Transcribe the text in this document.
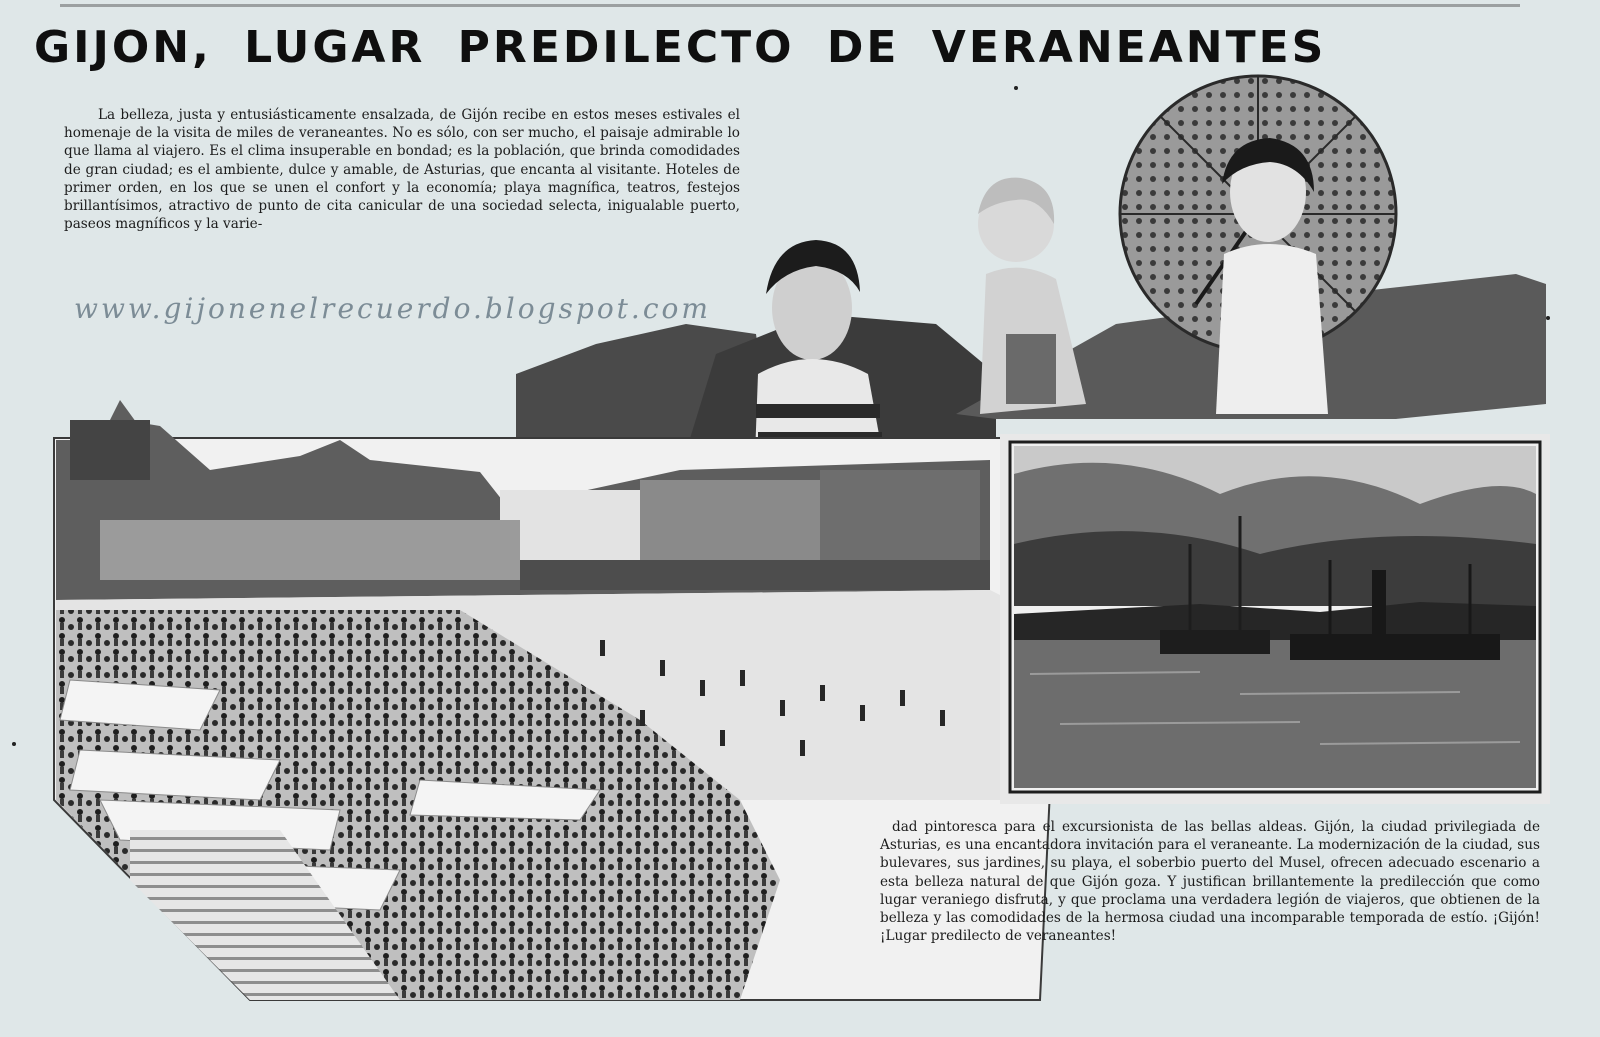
GIJON, LUGAR PREDILECTO DE VERANEANTES

La belleza, justa y entusiásticamente ensalzada, de Gijón recibe en estos meses estivales el homenaje de la visita de miles de veraneantes. No es sólo, con ser mucho, el paisaje admirable lo que llama al viajero. Es el clima insuperable en bondad; es la población, que brinda comodidades de gran ciudad; es el ambiente, dulce y amable, de Asturias, que encanta al visitante. Hoteles de primer orden, en los que se unen el confort y la economía; playa magnífica, teatros, festejos brillantísimos, atractivo de punto de cita canicular de una sociedad selecta, inigualable puerto, paseos magníficos y la varie-

www.gijonenelrecuerdo.blogspot.com

dad pintoresca para el excursionista de las bellas aldeas. Gijón, la ciudad privilegiada de Asturias, es una encantadora invitación para el veraneante. La modernización de la ciudad, sus bulevares, sus jardines, su playa, el soberbio puerto del Musel, ofrecen adecuado escenario a esta belleza natural de que Gijón goza. Y justifican brillantemente la predilección que como lugar veraniego disfruta, y que proclama una verdadera legión de viajeros, que obtienen de la belleza y las comodidades de la hermosa ciudad una incomparable temporada de estío. ¡Gijón! ¡Lugar predilecto de veraneantes!
